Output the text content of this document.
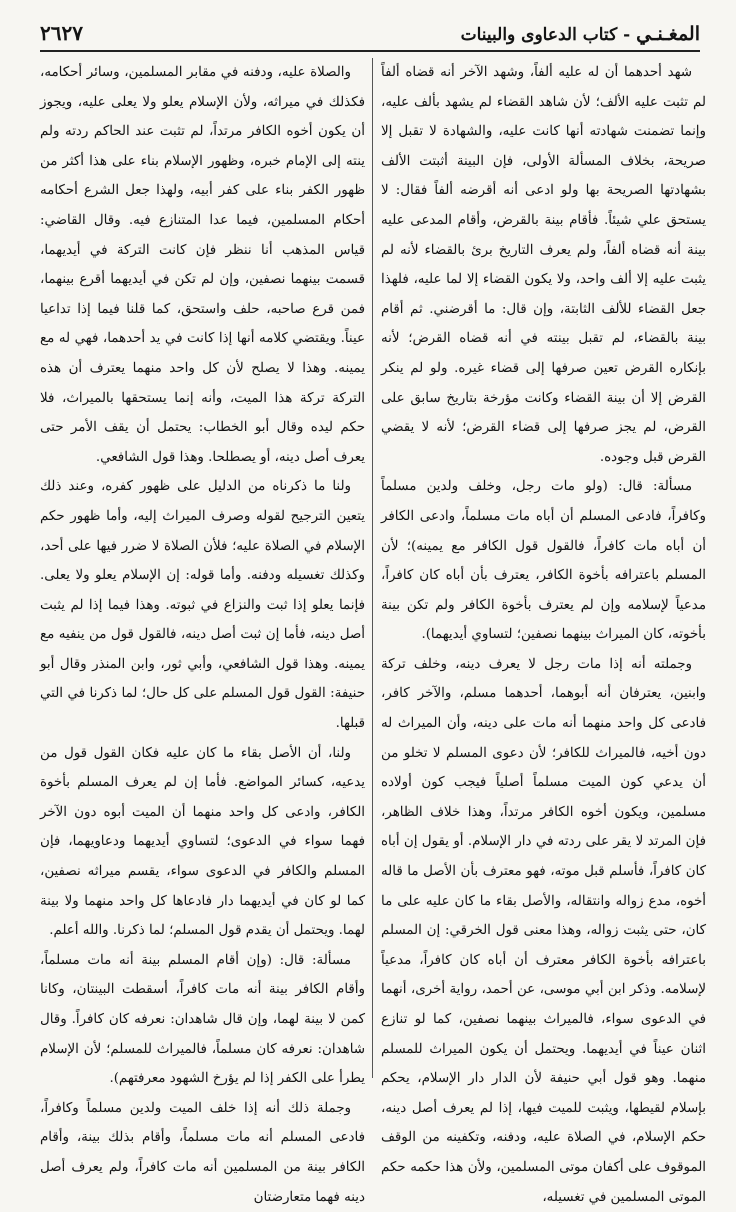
المغـنـي - كتاب الدعاوى والبينات
٢٦٢٧

شهد أحدهما أن له عليه ألفاً، وشهد الآخر أنه قضاه ألفاً لم تثبت عليه الألف؛ لأن شاهد القضاء لم يشهد بألف عليه، وإنما تضمنت شهادته أنها كانت عليه، والشهادة لا تقبل إلا صريحة، بخلاف المسألة الأولى، فإن البينة أثبتت الألف بشهادتها الصريحة بها ولو ادعى أنه أقرضه ألفاً فقال: لا يستحق علي شيئاً. فأقام بينة بالقرض، وأقام المدعى عليه بينة أنه قضاه ألفاً، ولم يعرف التاريخ برئ بالقضاء لأنه لم يثبت عليه إلا ألف واحد، ولا يكون القضاء إلا لما عليه، فلهذا جعل القضاء للألف الثابتة، وإن قال: ما أقرضني. ثم أقام بينة بالقضاء، لم تقبل بينته في أنه قضاه القرض؛ لأنه بإنكاره القرض تعين صرفها إلى قضاء غيره. ولو لم ينكر القرض إلا أن بينة القضاء وكانت مؤرخة بتاريخ سابق على القرض، لم يجز صرفها إلى قضاء القرض؛ لأنه لا يقضي القرض قبل وجوده.

مسألة: قال: (ولو مات رجل، وخلف ولدين مسلماً وكافراً، فادعى المسلم أن أباه مات مسلماً، وادعى الكافر أن أباه مات كافراً، فالقول قول الكافر مع يمينه)؛ لأن المسلم باعترافه بأخوة الكافر، يعترف بأن أباه كان كافراً، مدعياً لإسلامه وإن لم يعترف بأخوة الكافر ولم تكن بينة بأخوته، كان الميراث بينهما نصفين؛ لتساوي أيديهما).

وجملته أنه إذا مات رجل لا يعرف دينه، وخلف تركة وابنين، يعترفان أنه أبوهما، أحدهما مسلم، والآخر كافر، فادعى كل واحد منهما أنه مات على دينه، وأن الميراث له دون أخيه، فالميراث للكافر؛ لأن دعوى المسلم لا تخلو من أن يدعي كون الميت مسلماً أصلياً فيجب كون أولاده مسلمين، ويكون أخوه الكافر مرتداً، وهذا خلاف الظاهر، فإن المرتد لا يقر على ردته في دار الإسلام. أو يقول إن أباه كان كافراً، فأسلم قبل موته، فهو معترف بأن الأصل ما قاله أخوه، مدع زواله وانتقاله، والأصل بقاء ما كان عليه على ما كان، حتى يثبت زواله، وهذا معنى قول الخرقي: إن المسلم باعترافه بأخوة الكافر معترف أن أباه كان كافراً، مدعياً لإسلامه. وذكر ابن أبي موسى، عن أحمد، رواية أخرى، أنهما في الدعوى سواء، فالميراث بينهما نصفين، كما لو تنازع اثنان عيناً في أيديهما. ويحتمل أن يكون الميراث للمسلم منهما. وهو قول أبي حنيفة لأن الدار دار الإسلام، يحكم بإسلام لقيطها، ويثبت للميت فيها، إذا لم يعرف أصل دينه، حكم الإسلام، في الصلاة عليه، ودفنه، وتكفينه من الوقف الموقوف على أكفان موتى المسلمين، ولأن هذا حكمه حكم الموتى المسلمين في تغسيله،

والصلاة عليه، ودفنه في مقابر المسلمين، وسائر أحكامه، فكذلك في ميراثه، ولأن الإسلام يعلو ولا يعلى عليه، ويجوز أن يكون أخوه الكافر مرتداً، لم تثبت عند الحاكم ردته ولم ينته إلى الإمام خبره، وظهور الإسلام بناء على هذا أكثر من ظهور الكفر بناء على كفر أبيه، ولهذا جعل الشرع أحكامه أحكام المسلمين، فيما عدا المتنازع فيه. وقال القاضي: قياس المذهب أنا ننظر فإن كانت التركة في أيديهما، قسمت بينهما نصفين، وإن لم تكن في أيديهما أقرع بينهما، فمن قرع صاحبه، حلف واستحق، كما قلنا فيما إذا تداعيا عيناً. ويقتضي كلامه أنها إذا كانت في يد أحدهما، فهي له مع يمينه. وهذا لا يصلح لأن كل واحد منهما يعترف أن هذه التركة تركة هذا الميت، وأنه إنما يستحقها بالميراث، فلا حكم ليده وقال أبو الخطاب: يحتمل أن يقف الأمر حتى يعرف أصل دينه، أو يصطلحا. وهذا قول الشافعي.

ولنا ما ذكرناه من الدليل على ظهور كفره، وعند ذلك يتعين الترجيح لقوله وصرف الميراث إليه، وأما ظهور حكم الإسلام في الصلاة عليه؛ فلأن الصلاة لا ضرر فيها على أحد، وكذلك تغسيله ودفنه. وأما قوله: إن الإسلام يعلو ولا يعلى. فإنما يعلو إذا ثبت والنزاع في ثبوته. وهذا فيما إذا لم يثبت أصل دينه، فأما إن ثبت أصل دينه، فالقول قول من ينفيه مع يمينه. وهذا قول الشافعي، وأبي ثور، وابن المنذر وقال أبو حنيفة: القول قول المسلم على كل حال؛ لما ذكرنا في التي قبلها.

ولنا، أن الأصل بقاء ما كان عليه فكان القول قول من يدعيه، كسائر المواضع. فأما إن لم يعرف المسلم بأخوة الكافر، وادعى كل واحد منهما أن الميت أبوه دون الآخر فهما سواء في الدعوى؛ لتساوي أيديهما ودعاويهما، فإن المسلم والكافر في الدعوى سواء، يقسم ميراثه نصفين، كما لو كان في أيديهما دار فادعاها كل واحد منهما ولا بينة لهما. ويحتمل أن يقدم قول المسلم؛ لما ذكرنا. والله أعلم.

مسألة: قال: (وإن أقام المسلم بينة أنه مات مسلماً، وأقام الكافر بينة أنه مات كافراً، أسقطت البينتان، وكانا كمن لا بينة لهما، وإن قال شاهدان: نعرفه كان كافراً. وقال شاهدان: نعرفه كان مسلماً، فالميراث للمسلم؛ لأن الإسلام يطرأ على الكفر إذا لم يؤرخ الشهود معرفتهم).

وجملة ذلك أنه إذا خلف الميت ولدين مسلماً وكافراً، فادعى المسلم أنه مات مسلماً، وأقام بذلك بينة، وأقام الكافر بينة من المسلمين أنه مات كافراً، ولم يعرف أصل دينه فهما متعارضتان
